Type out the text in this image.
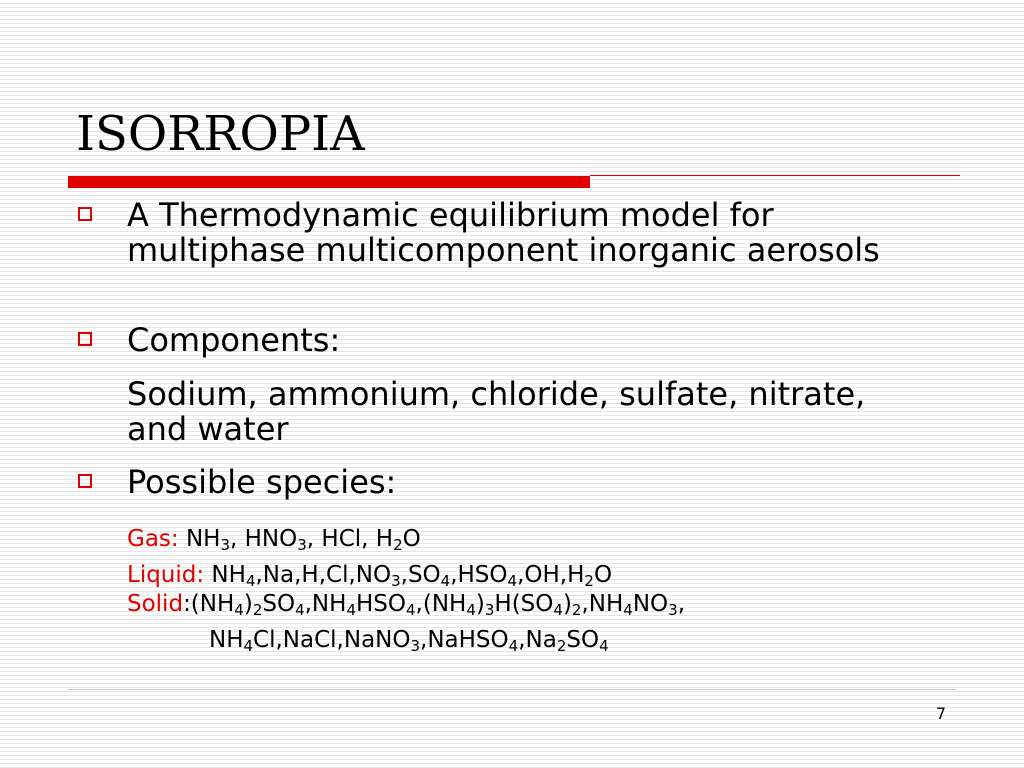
ISORROPIA
A Thermodynamic equilibrium model for multiphase multicomponent inorganic aerosols
Components:
Sodium, ammonium, chloride, sulfate, nitrate, and water
Possible species:
Gas: $NH_3$, $HNO_3$, HCl, $H_2O$
Liquid: $NH_4,Na,H,Cl,NO_3,SO_4,HSO_4,OH,H_2O$
$Solid:(NH_4)_2SO_4,NH_4HSO_4,(NH_4)_3H(SO_4)_2,NH_4NO_3$,
$NH_4Cl,NaCl,NaNO_3,NaHSO_4,Na_2SO_4$
7
